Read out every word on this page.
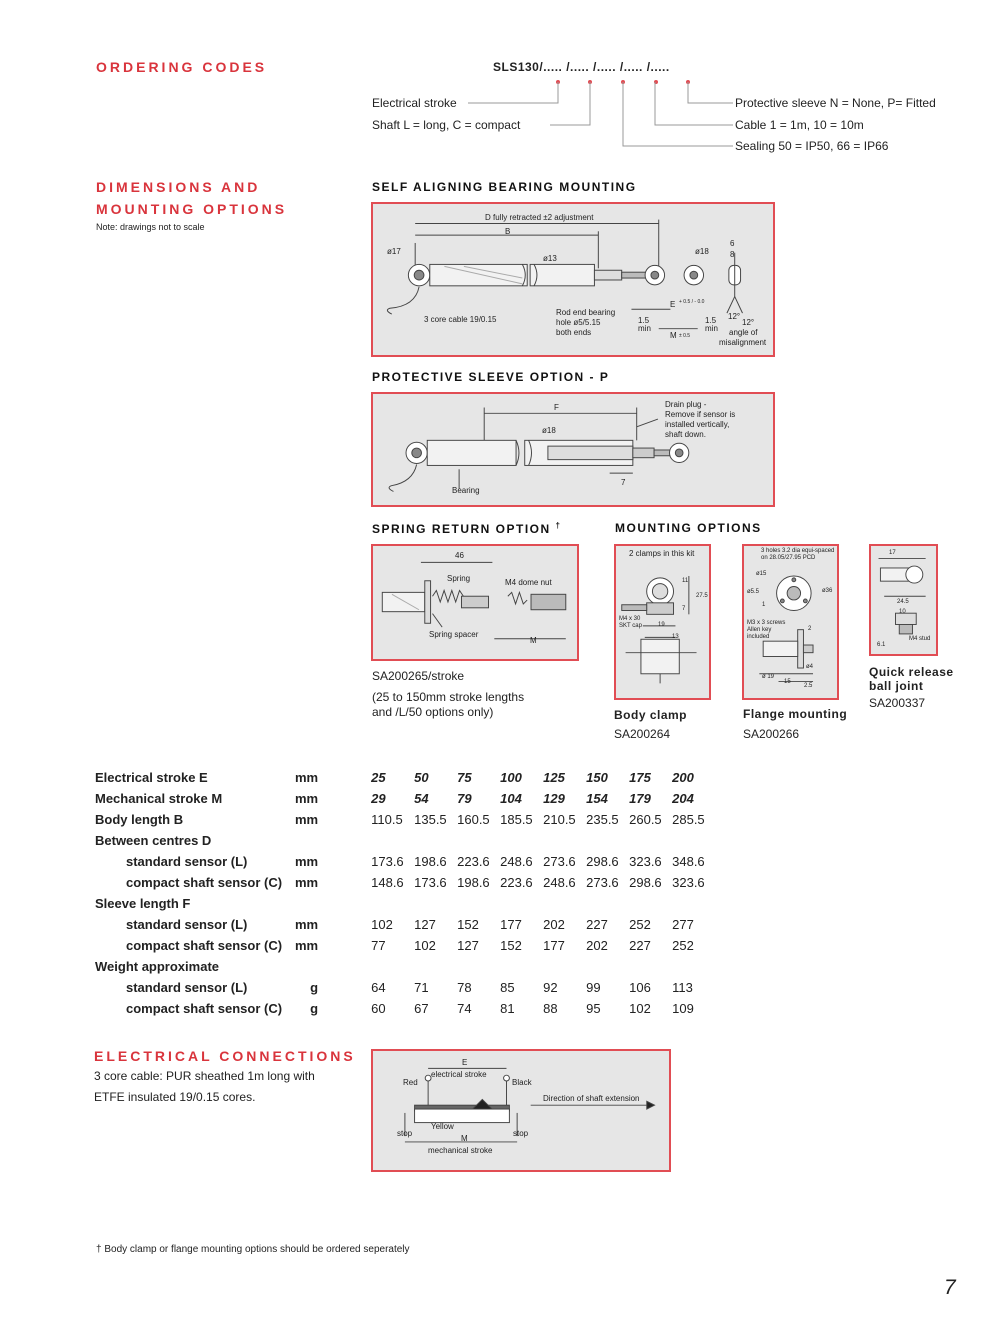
ORDERING CODES	SLS130/..... /..... /..... /..... /.....
Electrical stroke
Shaft L = long, C = compact
Protective sleeve N = None, P= Fitted
Cable 1 = 1m, 10 = 10m
Sealing 50 = IP50, 66 = IP66
DIMENSIONS AND
MOUNTING OPTIONS
Note: drawings not to scale
SELF ALIGNING BEARING MOUNTING
D fully retracted ±2 adjustment
B
ø17
ø13
ø18
6
8
E + 0.5 / - 0.0
3 core cable 19/0.15
Rod end bearing
hole ø5/5.15
both ends
1.5
min
M ± 0.5
1.5
min
12°
12°
angle of
misalignment
PROTECTIVE SLEEVE OPTION - P
F
ø18
Drain plug -
Remove if sensor is
installed vertically,
shaft down.
7
Bearing
SPRING RETURN OPTION †
46
Spring	M4 dome nut
Spring spacer
M
SA200265/stroke
(25 to 150mm stroke lengths
and /L/50 options only)
MOUNTING OPTIONS
2 clamps in this kit
11
27.5
7
M4 x 30
SKT cap	19
13
Body clamp
SA200264
3 holes 3.2 dia equi-spaced
on 28.05/27.95 PCD
ø15
ø5.5	ø36
1
M3 x 3 screws
Allen key
included
2
ø4
ø 19
15
2.5
Flange mounting
SA200266
17
24.5
10
6.1
M4 stud
Quick release
ball joint
SA200337
Electrical stroke E	mm		25	50	75	100	125	150	175	200
Mechanical stroke M	mm		29	54	79	104	129	154	179	204
Body length B	mm		110.5	135.5	160.5	185.5	210.5	235.5	260.5	285.5
Between centres D										
standard sensor (L)	mm		173.6	198.6	223.6	248.6	273.6	298.6	323.6	348.6
compact shaft sensor (C)	mm		148.6	173.6	198.6	223.6	248.6	273.6	298.6	323.6
Sleeve length F										
standard sensor (L)	mm		102	127	152	177	202	227	252	277
compact shaft sensor (C)	mm		77	102	127	152	177	202	227	252
Weight approximate										
standard sensor (L)	g		64	71	78	85	92	99	106	113
compact shaft sensor (C)	g		60	67	74	81	88	95	102	109
ELECTRICAL CONNECTIONS
3 core cable: PUR sheathed 1m long with
ETFE insulated 19/0.15 cores.
E
electrical stroke
Red	Black
Direction of shaft extension
Yellow
stop	stop
M
mechanical stroke
† Body clamp or flange mounting options should be ordered seperately
7
